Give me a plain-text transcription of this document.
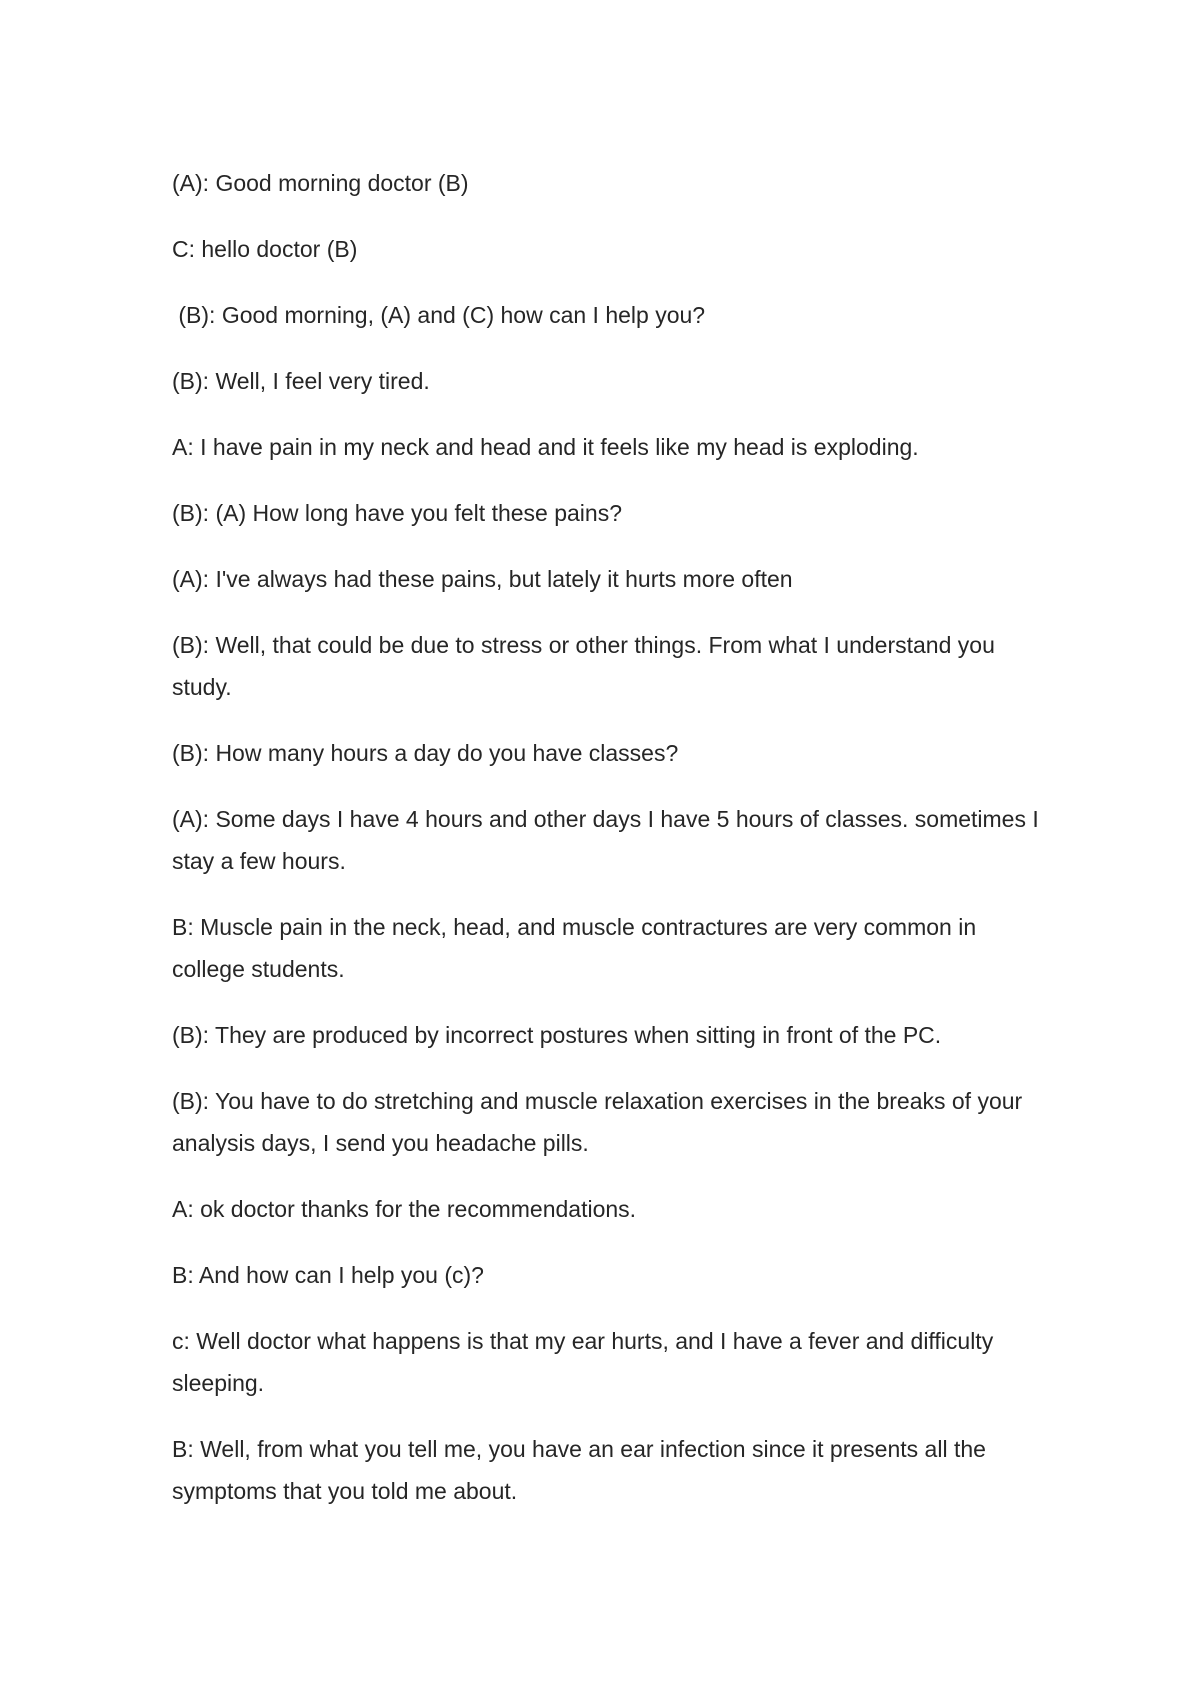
(A): Good morning doctor (B)

C: hello doctor (B)

(B): Good morning, (A) and (C) how can I help you?

(B): Well, I feel very tired.

A: I have pain in my neck and head and it feels like my head is exploding.

(B): (A) How long have you felt these pains?

(A): I've always had these pains, but lately it hurts more often

(B): Well, that could be due to stress or other things. From what I understand you study.

(B): How many hours a day do you have classes?

(A): Some days I have 4 hours and other days I have 5 hours of classes. sometimes I stay a few hours.

B: Muscle pain in the neck, head, and muscle contractures are very common in college students.

(B): They are produced by incorrect postures when sitting in front of the PC.

(B): You have to do stretching and muscle relaxation exercises in the breaks of your analysis days, I send you headache pills.

A: ok doctor thanks for the recommendations.

B: And how can I help you (c)?

c: Well doctor what happens is that my ear hurts, and I have a fever and difficulty sleeping.

B: Well, from what you tell me, you have an ear infection since it presents all the symptoms that you told me about.
